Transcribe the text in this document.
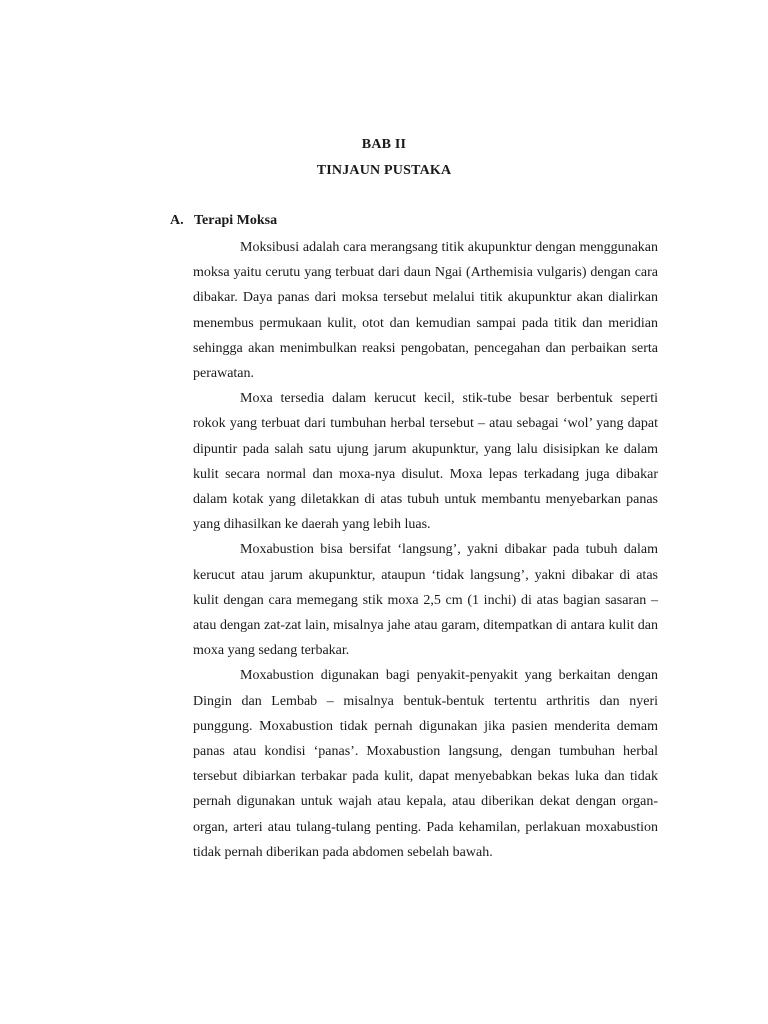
BAB II
TINJAUN PUSTAKA
A. Terapi Moksa

Moksibusi adalah cara merangsang titik akupunktur dengan menggunakan moksa yaitu cerutu yang terbuat dari daun Ngai (Arthemisia vulgaris) dengan cara dibakar. Daya panas dari moksa tersebut melalui titik akupunktur akan dialirkan menembus permukaan kulit, otot dan kemudian sampai pada titik dan meridian sehingga akan menimbulkan reaksi pengobatan, pencegahan dan perbaikan serta perawatan.

Moxa tersedia dalam kerucut kecil, stik-tube besar berbentuk seperti rokok yang terbuat dari tumbuhan herbal tersebut – atau sebagai ‘wol’ yang dapat dipuntir pada salah satu ujung jarum akupunktur, yang lalu disisipkan ke dalam kulit secara normal dan moxa-nya disulut. Moxa lepas terkadang juga dibakar dalam kotak yang diletakkan di atas tubuh untuk membantu menyebarkan panas yang dihasilkan ke daerah yang lebih luas.

Moxabustion bisa bersifat ‘langsung’, yakni dibakar pada tubuh dalam kerucut atau jarum akupunktur, ataupun ‘tidak langsung’, yakni dibakar di atas kulit dengan cara memegang stik moxa 2,5 cm (1 inchi) di atas bagian sasaran – atau dengan zat-zat lain, misalnya jahe atau garam, ditempatkan di antara kulit dan moxa yang sedang terbakar.

Moxabustion digunakan bagi penyakit-penyakit yang berkaitan dengan Dingin dan Lembab – misalnya bentuk-bentuk tertentu arthritis dan nyeri punggung. Moxabustion tidak pernah digunakan jika pasien menderita demam panas atau kondisi ‘panas’. Moxabustion langsung, dengan tumbuhan herbal tersebut dibiarkan terbakar pada kulit, dapat menyebabkan bekas luka dan tidak pernah digunakan untuk wajah atau kepala, atau diberikan dekat dengan organ-organ, arteri atau tulang-tulang penting. Pada kehamilan, perlakuan moxabustion tidak pernah diberikan pada abdomen sebelah bawah.
